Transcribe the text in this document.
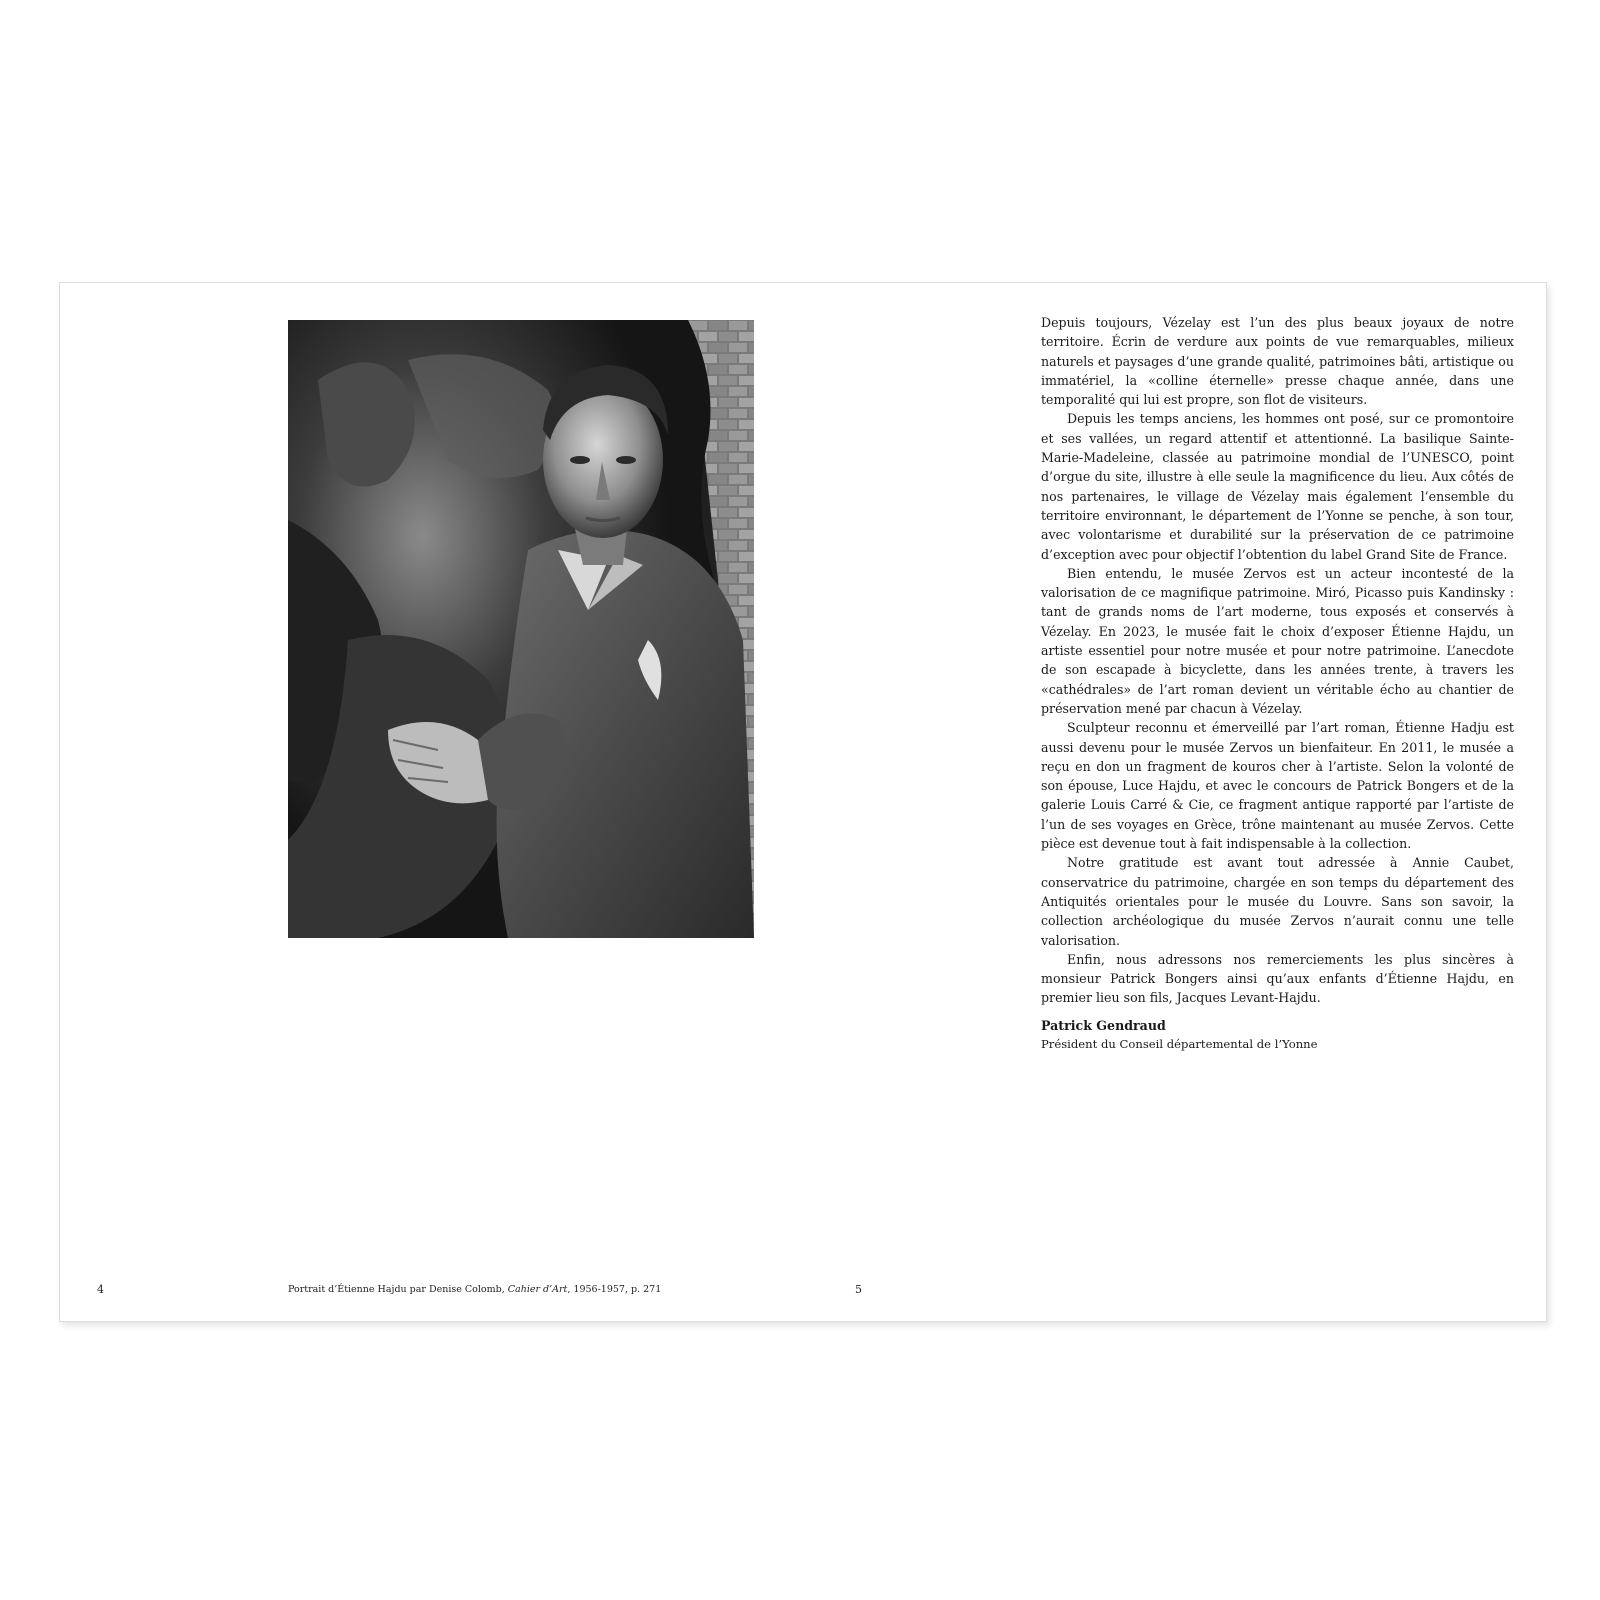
Depuis toujours, Vézelay est l’un des plus beaux joyaux de notre territoire. Écrin de verdure aux points de vue remarquables, milieux naturels et paysages d’une grande qualité, patrimoines bâti, artistique ou immatériel, la «colline éternelle» presse chaque année, dans une temporalité qui lui est propre, son flot de visiteurs.

Depuis les temps anciens, les hommes ont posé, sur ce promontoire et ses vallées, un regard attentif et attentionné. La basilique Sainte-Marie-Madeleine, classée au patrimoine mondial de l’UNESCO, point d’orgue du site, illustre à elle seule la magnificence du lieu. Aux côtés de nos partenaires, le village de Vézelay mais également l’ensemble du territoire environnant, le département de l’Yonne se penche, à son tour, avec volontarisme et durabilité sur la préservation de ce patrimoine d’exception avec pour objectif l’obtention du label Grand Site de France.

Bien entendu, le musée Zervos est un acteur incontesté de la valorisation de ce magnifique patrimoine. Miró, Picasso puis Kandinsky : tant de grands noms de l’art moderne, tous exposés et conservés à Vézelay. En 2023, le musée fait le choix d’exposer Étienne Hajdu, un artiste essentiel pour notre musée et pour notre patrimoine. L’anecdote de son escapade à bicyclette, dans les années trente, à travers les «cathédrales» de l’art roman devient un véritable écho au chantier de préservation mené par chacun à Vézelay.

Sculpteur reconnu et émerveillé par l’art roman, Étienne Hadju est aussi devenu pour le musée Zervos un bienfaiteur. En 2011, le musée a reçu en don un fragment de kouros cher à l’artiste. Selon la volonté de son épouse, Luce Hajdu, et avec le concours de Patrick Bongers et de la galerie Louis Carré & Cie, ce fragment antique rapporté par l’artiste de l’un de ses voyages en Grèce, trône maintenant au musée Zervos. Cette pièce est devenue tout à fait indispensable à la collection.

Notre gratitude est avant tout adressée à Annie Caubet, conservatrice du patrimoine, chargée en son temps du département des Antiquités orientales pour le musée du Louvre. Sans son savoir, la collection archéologique du musée Zervos n’aurait connu une telle valorisation.

Enfin, nous adressons nos remerciements les plus sincères à monsieur Patrick Bongers ainsi qu’aux enfants d’Étienne Hajdu, en premier lieu son fils, Jacques Levant-Hajdu.

Patrick Gendraud
Président du Conseil départemental de l’Yonne
4	Portrait d’Étienne Hajdu par Denise Colomb, Cahier d’Art, 1956-1957, p. 271	5
